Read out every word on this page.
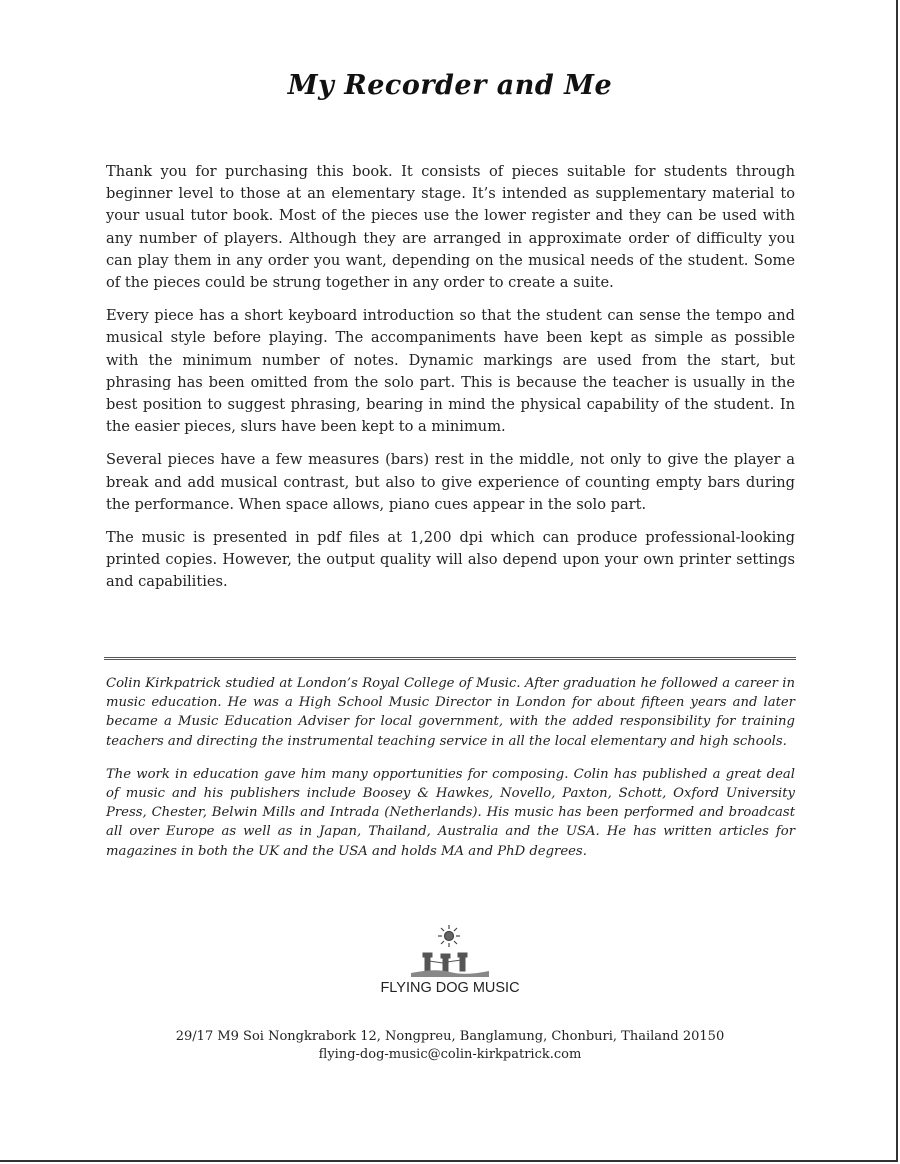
My Recorder and Me

Thank you for purchasing this book. It consists of pieces suitable for students through beginner level to those at an elementary stage. It’s intended as supplementary material to your usual tutor book. Most of the pieces use the lower register and they can be used with any number of players. Although they are arranged in approximate order of difficulty you can play them in any order you want, depending on the musical needs of the student. Some of the pieces could be strung together in any order to create a suite.

Every piece has a short keyboard introduction so that the student can sense the tempo and musical style before playing. The accompaniments have been kept as simple as possible with the minimum number of notes. Dynamic markings are used from the start, but phrasing has been omitted from the solo part. This is because the teacher is usually in the best position to suggest phrasing, bearing in mind the physical capability of the student. In the easier pieces, slurs have been kept to a minimum.

Several pieces have a few measures (bars) rest in the middle, not only to give the player a break and add musical contrast, but also to give experience of counting empty bars during the performance. When space allows, piano cues appear in the solo part.

The music is presented in pdf files at 1,200 dpi which can produce professional-looking printed copies. However, the output quality will also depend upon your own printer settings and capabilities.

Colin Kirkpatrick studied at London’s Royal College of Music. After graduation he followed a career in music education. He was a High School Music Director in London for about fifteen years and later became a Music Education Adviser for local government, with the added responsibility for training teachers and directing the instrumental teaching service in all the local elementary and high schools.

The work in education gave him many opportunities for composing. Colin has published a great deal of music and his publishers include Boosey & Hawkes, Novello, Paxton, Schott, Oxford University Press, Chester, Belwin Mills and Intrada (Netherlands). His music has been performed and broadcast all over Europe as well as in Japan, Thailand, Australia and the USA. He has written articles for magazines in both the UK and the USA and holds MA and PhD degrees.

FLYING DOG MUSIC
29/17 M9 Soi Nongkrabork 12, Nongpreu, Banglamung, Chonburi, Thailand 20150
flying-dog-music@colin-kirkpatrick.com
